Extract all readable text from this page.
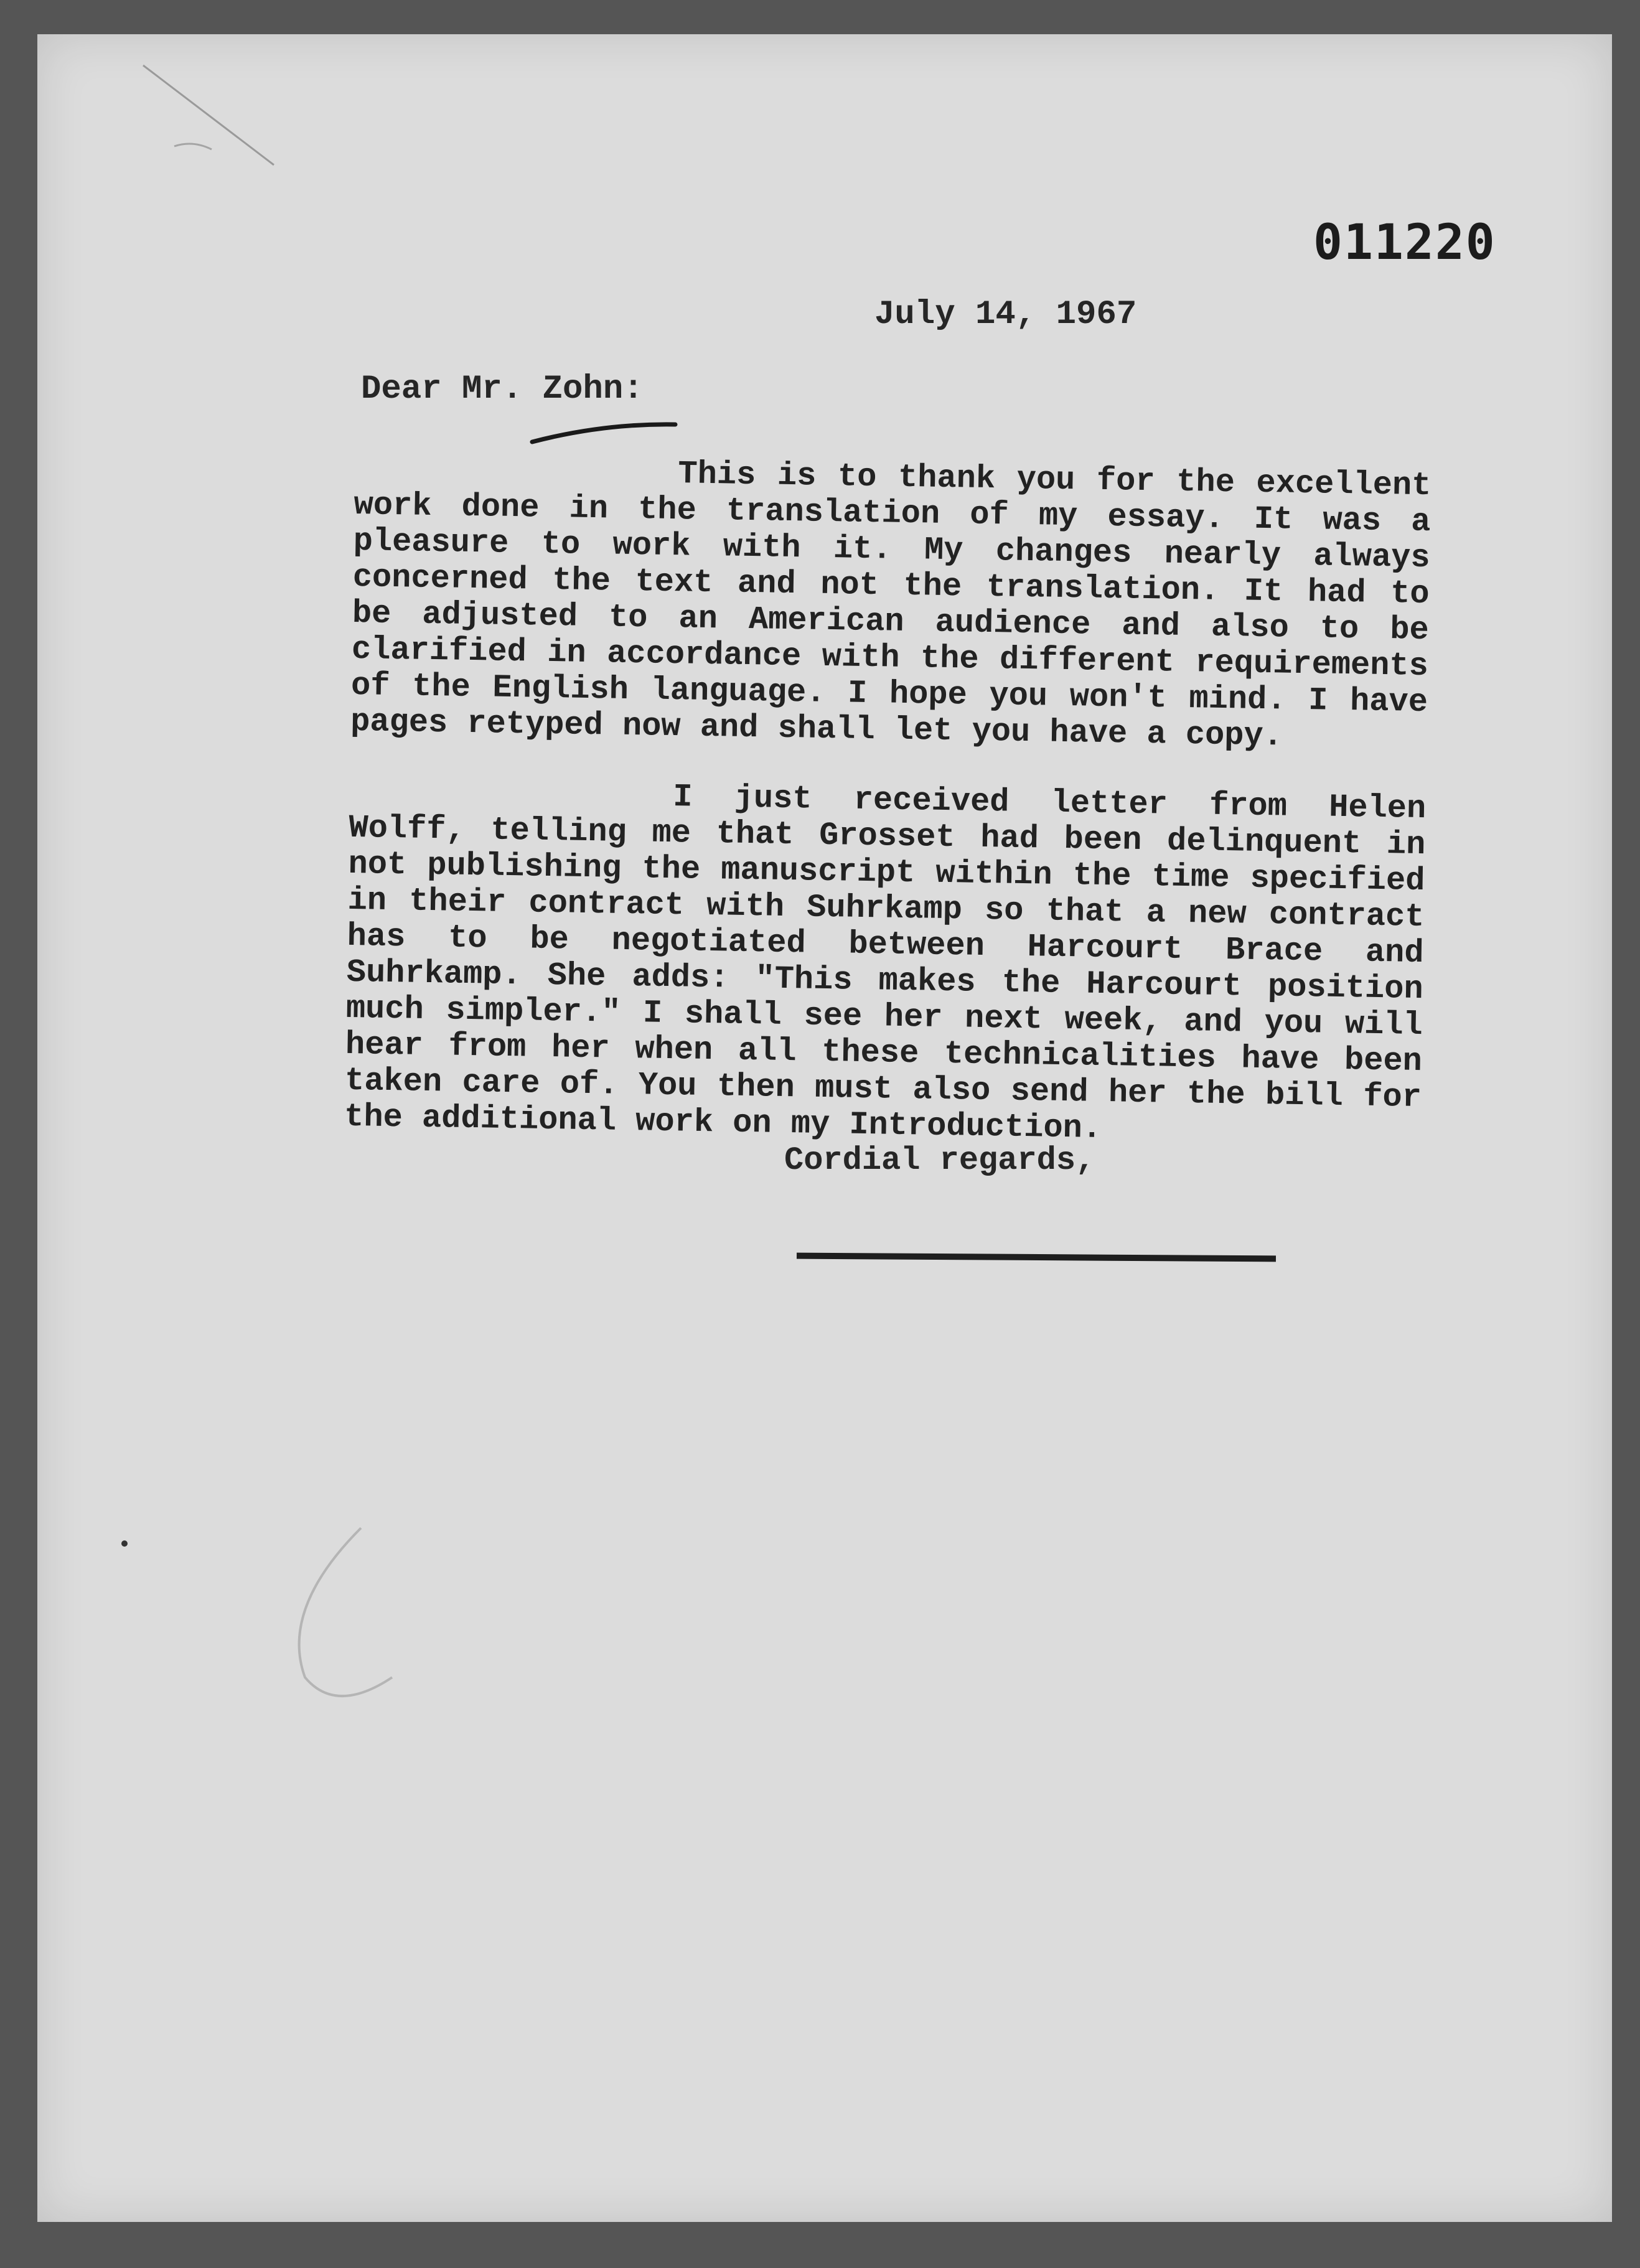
011220
July 14, 1967
Dear Mr. Zohn:

This is to thank you for the excellent work done in the translation of my essay. It was a pleasure to work with it. My changes nearly always concerned the text and not the translation. It had to be adjusted to an American audience and also to be clarified in accordance with the different requirements of the English language. I hope you won't mind. I have pages retyped now and shall let you have a copy.

I just received letter from Helen Wolff, telling me that Grosset had been delinquent in not publishing the manuscript within the time specified in their contract with Suhrkamp so that a new contract has to be negotiated between Harcourt Brace and Suhrkamp. She adds: "This makes the Harcourt position much simpler." I shall see her next week, and you will hear from her when all these technicalities have been taken care of. You then must also send her the bill for the additional work on my Introduction.

Cordial regards,
